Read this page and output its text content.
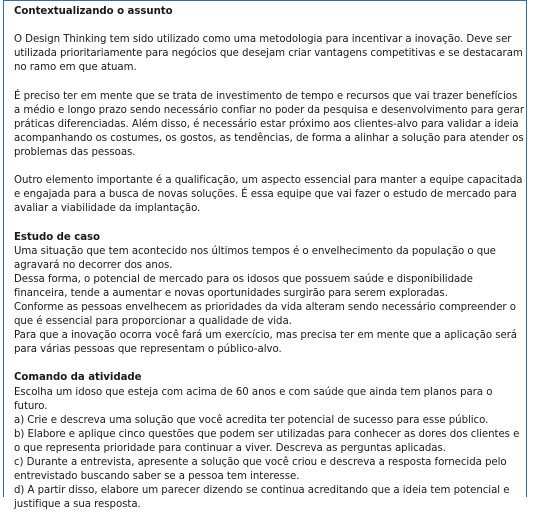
Contextualizando o assunto

O Design Thinking tem sido utilizado como uma metodologia para incentivar a inovação. Deve ser utilizada prioritariamente para negócios que desejam criar vantagens competitivas e se destacaram no ramo em que atuam.

É preciso ter em mente que se trata de investimento de tempo e recursos que vai trazer benefícios a médio e longo prazo sendo necessário confiar no poder da pesquisa e desenvolvimento para gerar práticas diferenciadas. Além disso, é necessário estar próximo aos clientes-alvo para validar a ideia acompanhando os costumes, os gostos, as tendências, de forma a alinhar a solução para atender os problemas das pessoas.

Outro elemento importante é a qualificação, um aspecto essencial para manter a equipe capacitada e engajada para a busca de novas soluções. É essa equipe que vai fazer o estudo de mercado para avaliar a viabilidade da implantação.

Estudo de caso

Uma situação que tem acontecido nos últimos tempos é o envelhecimento da população o que agravará no decorrer dos anos.

Dessa forma, o potencial de mercado para os idosos que possuem saúde e disponibilidade financeira, tende a aumentar e novas oportunidades surgirão para serem exploradas.

Conforme as pessoas envelhecem as prioridades da vida alteram sendo necessário compreender o que é essencial para proporcionar a qualidade de vida.

Para que a inovação ocorra você fará um exercício, mas precisa ter em mente que a aplicação será para várias pessoas que representam o público-alvo.

Comando da atividade

Escolha um idoso que esteja com acima de 60 anos e com saúde que ainda tem planos para o futuro.

a) Crie e descreva uma solução que você acredita ter potencial de sucesso para esse público.

b) Elabore e aplique cinco questões que podem ser utilizadas para conhecer as dores dos clientes e o que representa prioridade para continuar a viver. Descreva as perguntas aplicadas.

c) Durante a entrevista, apresente a solução que você criou e descreva a resposta fornecida pelo entrevistado buscando saber se a pessoa tem interesse.

d) A partir disso, elabore um parecer dizendo se continua acreditando que a ideia tem potencial e justifique a sua resposta.
